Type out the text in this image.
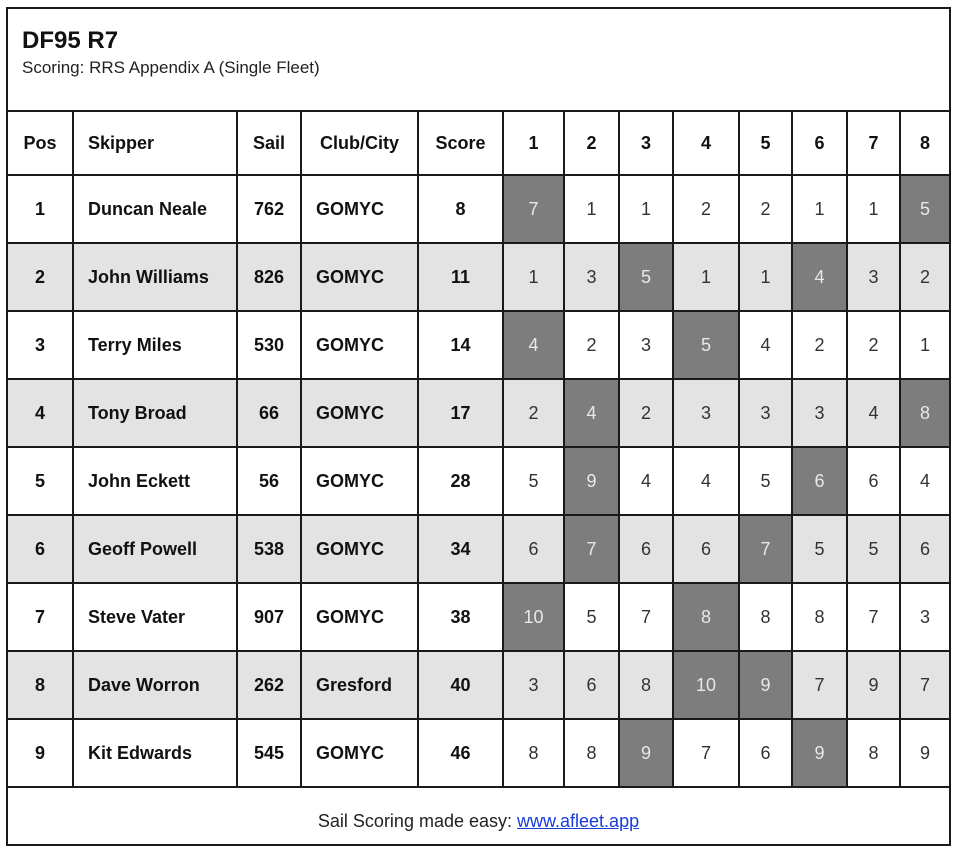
DF95 R7
Scoring: RRS Appendix A (Single Fleet)
Pos	Skipper	Sail	Club/City	Score	1	2	3	4	5	6	7	8
1	Duncan Neale	762	GOMYC	8	7	1	1	2	2	1	1	5
2	John Williams	826	GOMYC	11	1	3	5	1	1	4	3	2
3	Terry Miles	530	GOMYC	14	4	2	3	5	4	2	2	1
4	Tony Broad	66	GOMYC	17	2	4	2	3	3	3	4	8
5	John Eckett	56	GOMYC	28	5	9	4	4	5	6	6	4
6	Geoff Powell	538	GOMYC	34	6	7	6	6	7	5	5	6
7	Steve Vater	907	GOMYC	38	10	5	7	8	8	8	7	3
8	Dave Worron	262	Gresford	40	3	6	8	10	9	7	9	7
9	Kit Edwards	545	GOMYC	46	8	8	9	7	6	9	8	9
Sail Scoring made easy: www.afleet.app
